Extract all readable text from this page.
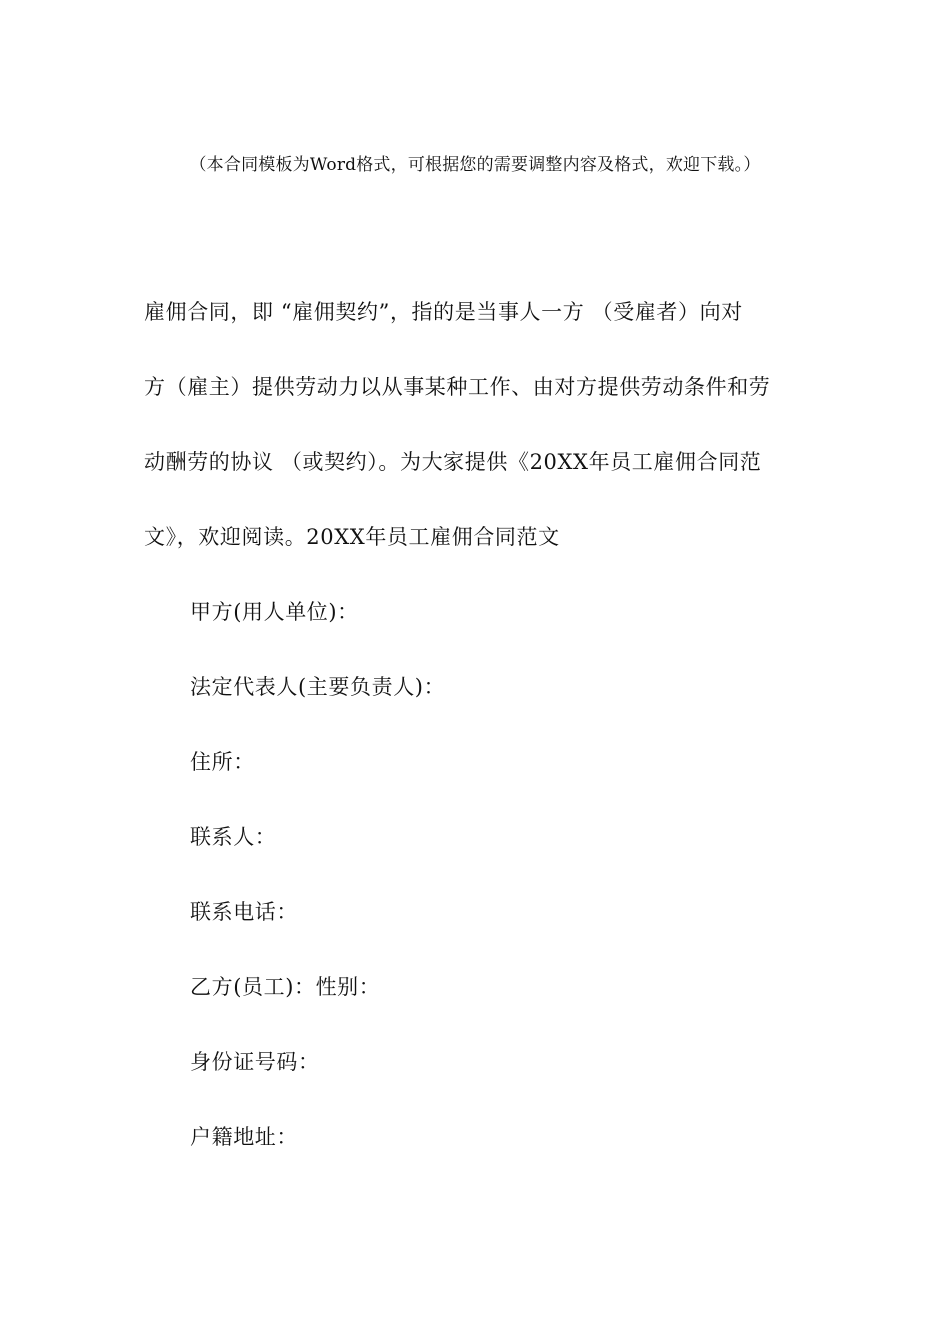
（本合同模板为Word格式，可根据您的需要调整内容及格式，欢迎下载。）
雇佣合同，即 “雇佣契约”，指的是当事人一方 （受雇者）向对
方（雇主）提供劳动力以从事某种工作、由对方提供劳动条件和劳
动酬劳的协议 （或契约）。为大家提供《20XX年员工雇佣合同范
文》，欢迎阅读。20XX年员工雇佣合同范文
甲方(用人单位)：
法定代表人(主要负责人)：
住所：
联系人：
联系电话：
乙方(员工)：性别：
身份证号码：
户籍地址：
